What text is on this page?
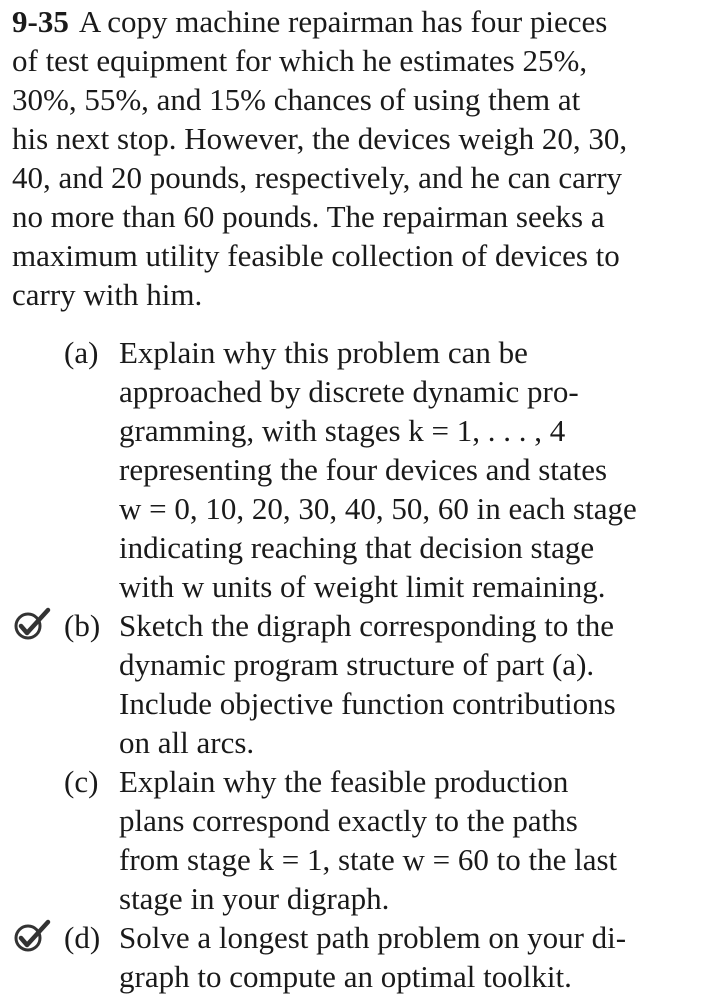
9-35 A copy machine repairman has four pieces
of test equipment for which he estimates 25%,
30%, 55%, and 15% chances of using them at
his next stop. However, the devices weigh 20, 30,
40, and 20 pounds, respectively, and he can carry
no more than 60 pounds. The repairman seeks a
maximum utility feasible collection of devices to
carry with him.
(a) Explain why this problem can be
approached by discrete dynamic pro-
gramming, with stages k = 1, . . . , 4
representing the four devices and states
w = 0, 10, 20, 30, 40, 50, 60 in each stage
indicating reaching that decision stage
with w units of weight limit remaining.
(b) Sketch the digraph corresponding to the
dynamic program structure of part (a).
Include objective function contributions
on all arcs.
(c) Explain why the feasible production
plans correspond exactly to the paths
from stage k = 1, state w = 60 to the last
stage in your digraph.
(d) Solve a longest path problem on your di-
graph to compute an optimal toolkit.
